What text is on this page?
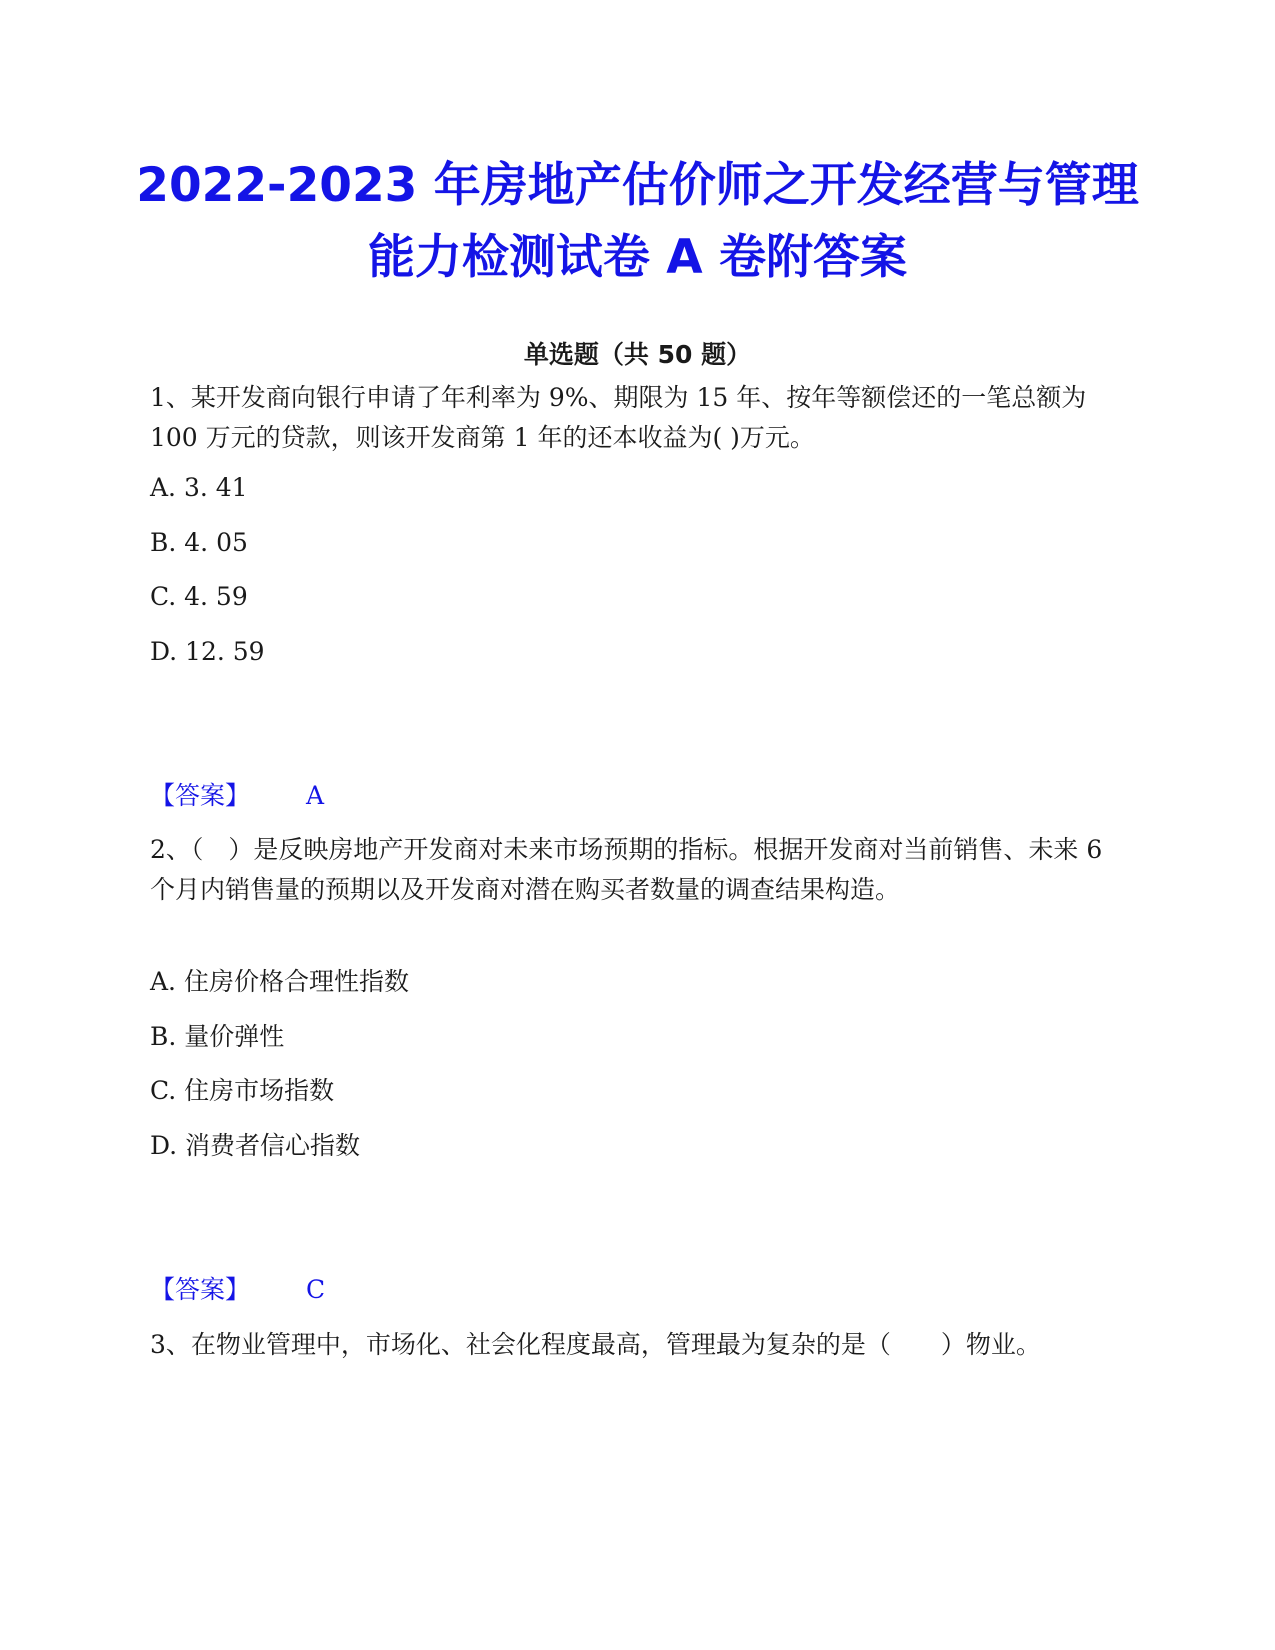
2022-2023 年房地产估价师之开发经营与管理能力检测试卷 A 卷附答案
单选题（共 50 题）

1、某开发商向银行申请了年利率为 9%、期限为 15 年、按年等额偿还的一笔总额为 100 万元的贷款，则该开发商第 1 年的还本收益为( )万元。

A. 3. 41
B. 4. 05
C. 4. 59
D. 12. 59
【答案】 A

2、（　）是反映房地产开发商对未来市场预期的指标。根据开发商对当前销售、未来 6 个月内销售量的预期以及开发商对潜在购买者数量的调查结果构造。

A. 住房价格合理性指数
B. 量价弹性
C. 住房市场指数
D. 消费者信心指数
【答案】 C

3、在物业管理中，市场化、社会化程度最高，管理最为复杂的是（　　）物业。
